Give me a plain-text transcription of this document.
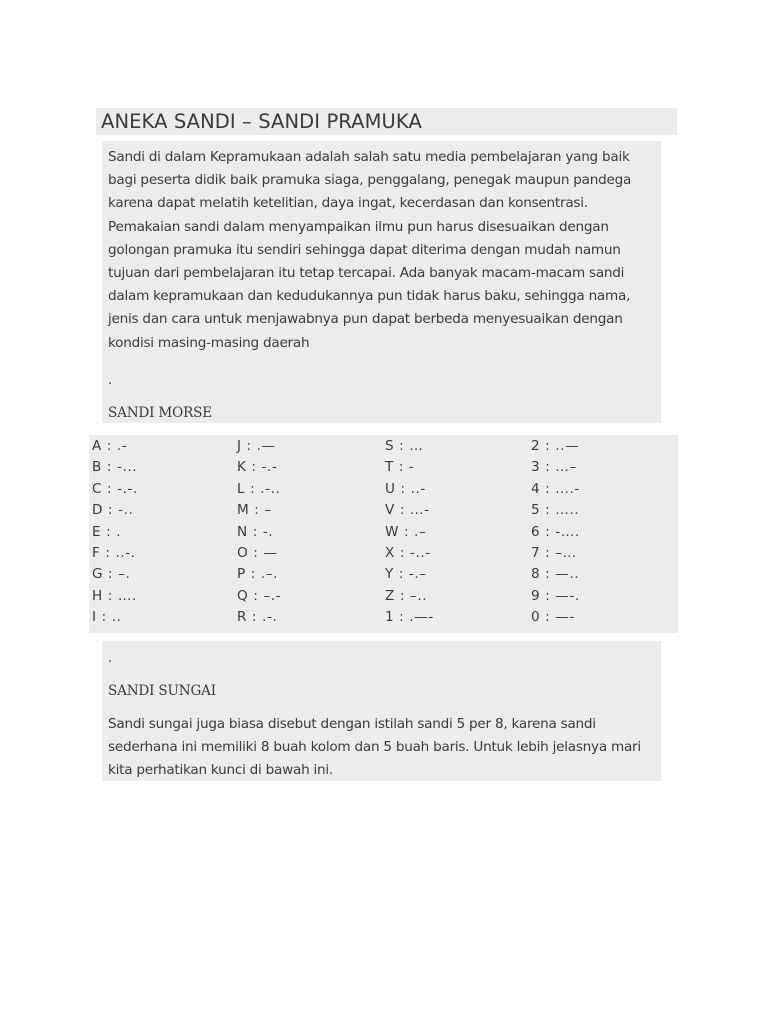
ANEKA SANDI – SANDI PRAMUKA

Sandi di dalam Kepramukaan adalah salah satu media pembelajaran yang baik bagi peserta didik baik pramuka siaga, penggalang, penegak maupun pandega karena dapat melatih ketelitian, daya ingat, kecerdasan dan konsentrasi. Pemakaian sandi dalam menyampaikan ilmu pun harus disesuaikan dengan golongan pramuka itu sendiri sehingga dapat diterima dengan mudah namun tujuan dari pembelajaran itu tetap tercapai. Ada banyak macam-macam sandi dalam kepramukaan dan kedudukannya pun tidak harus baku, sehingga nama, jenis dan cara untuk menjawabnya pun dapat berbeda menyesuaikan dengan kondisi masing-masing daerah

.
SANDI MORSE
A : .-
B : -...
C : -.-.
D : -..
E : .
F : ..-.
G : –.
H : ….
I : ..
J : .—
K : -.-
L : .-..
M : –
N : -.
O : —
P : .–.
Q : –.-
R : .-.
S : …
T : -
U : ..-
V : …-
W : .–
X : -..-
Y : -.–
Z : –..
1 : .—-
2 : ..—
3 : …–
4 : ….-
5 : …..
6 : -….
7 : –…
8 : —..
9 : —-.
0 : —-
.
SANDI SUNGAI

Sandi sungai juga biasa disebut dengan istilah sandi 5 per 8, karena sandi sederhana ini memiliki 8 buah kolom dan 5 buah baris. Untuk lebih jelasnya mari kita perhatikan kunci di bawah ini.
